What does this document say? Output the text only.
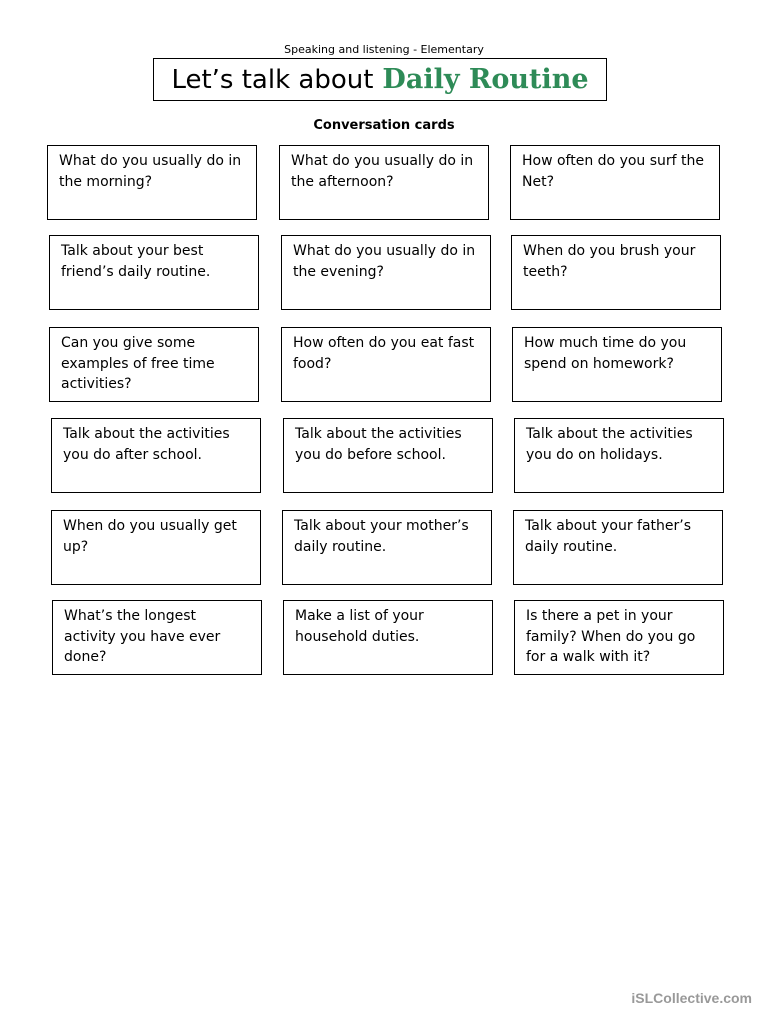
Speaking and listening - Elementary
Let’s talk about Daily Routine
Conversation cards
What do you usually do in the morning?
What do you usually do in the afternoon?
How often do you surf the Net?
Talk about your best friend’s daily routine.
What do you usually do in the evening?
When do you brush your teeth?
Can you give some examples of free time activities?
How often do you eat fast food?
How much time do you spend on homework?
Talk about the activities you do after school.
Talk about the activities you do before school.
Talk about the activities you do on holidays.
When do you usually get up?
Talk about your mother’s daily routine.
Talk about your father’s daily routine.
What’s the longest activity you have ever done?
Make a list of your household duties.
Is there a pet in your family? When do you go for a walk with it?
iSLCollective.com
